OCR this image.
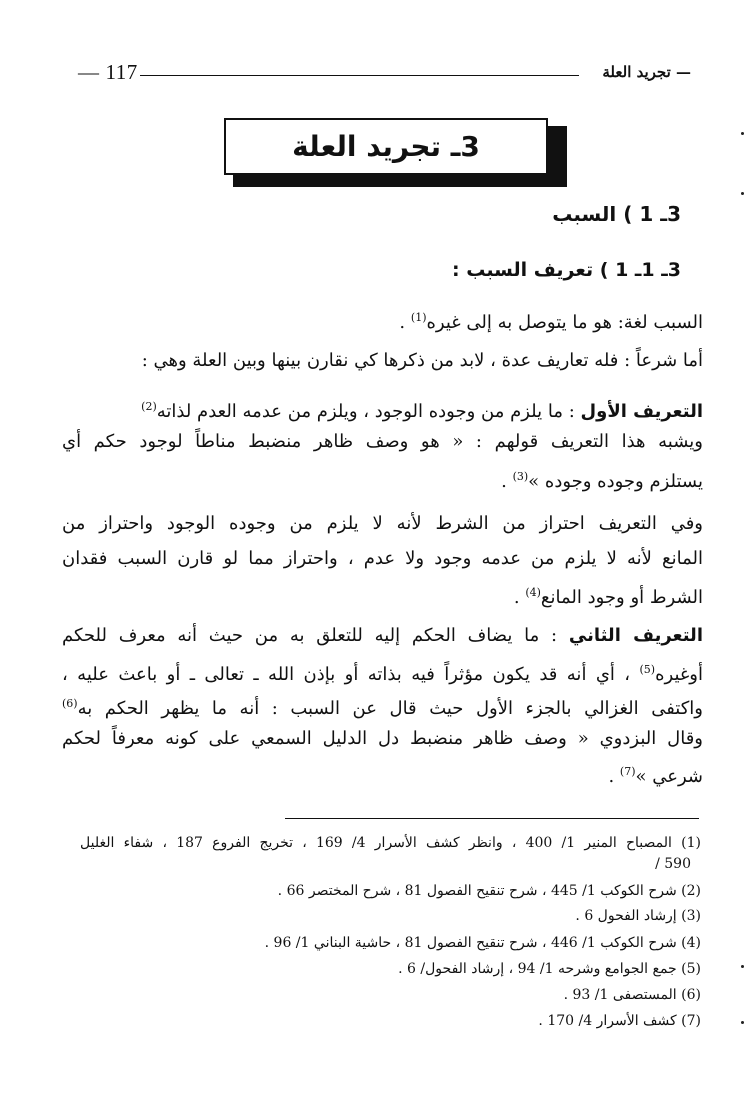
— 117	— تجريد العلة
3ـ تجريد العلة
3ـ 1 ) السبب
3ـ 1ـ 1 ) تعريف السبب :
السبب لغة: هو ما يتوصل به إلى غيره$^{(1)}$ .
أما شرعاً : فله تعاريف عدة ، لابد من ذكرها كي نقارن بينها وبين العلة وهي :
التعريف الأول : ما يلزم من وجوده الوجود ، ويلزم من عدمه العدم لذاته$^{(2)}$
ويشبه هذا التعريف قولهم : « هو وصف ظاهر منضبط مناطاً لوجود حكم أي
يستلزم وجوده وجوده »$^{(3)}$ .
وفي التعريف احتراز من الشرط لأنه لا يلزم من وجوده الوجود واحتراز من
المانع لأنه لا يلزم من عدمه وجود ولا عدم ، واحتراز مما لو قارن السبب فقدان
الشرط أو وجود المانع$^{(4)}$ .
التعريف الثاني : ما يضاف الحكم إليه للتعلق به من حيث أنه معرف للحكم
أوغيره$^{(5)}$ ، أي أنه قد يكون مؤثراً فيه بذاته أو بإذن الله ـ تعالى ـ أو باعث عليه ،
واكتفى الغزالي بالجزء الأول حيث قال عن السبب : أنه ما يظهر الحكم به$^{(6)}$
وقال البزدوي « وصف ظاهر منضبط دل الدليل السمعي على كونه معرفاً لحكم
شرعي »$^{(7)}$ .
(1) المصباح المنير 1/ 400 ، وانظر كشف الأسرار 4/ 169 ، تخريج الفروع 187 ، شفاء الغليل
590 /
(2) شرح الكوكب 1/ 445 ، شرح تنقيح الفصول 81 ، شرح المختصر 66 .
(3) إرشاد الفحول 6 .
(4) شرح الكوكب 1/ 446 ، شرح تنقيح الفصول 81 ، حاشية البناني 1/ 96 .
(5) جمع الجوامع وشرحه 1/ 94 ، إرشاد الفحول/ 6 .
(6) المستصفى 1/ 93 .
(7) كشف الأسرار 4/ 170 .
